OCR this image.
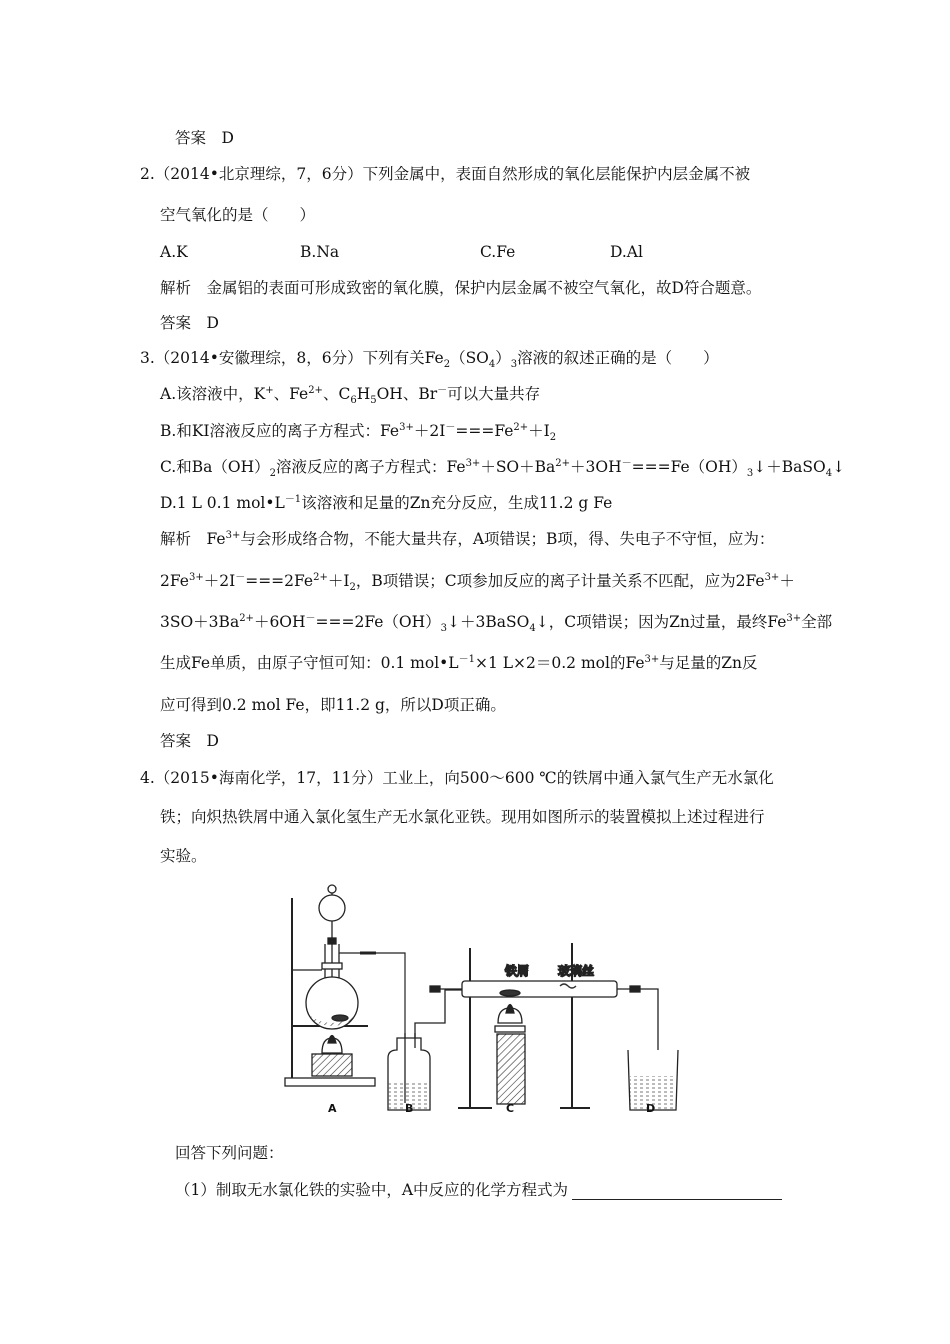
答案　D
2.（2014•北京理综，7，6分）下列金属中，表面自然形成的氧化层能保护内层金属不被
空气氧化的是（　　）
A.K	B.Na	C.Fe	D.Al
解析　金属铝的表面可形成致密的氧化膜，保护内层金属不被空气氧化，故D符合题意。
答案　D
3.（2014•安徽理综，8，6分）下列有关$Fe_2(SO_4)_3$溶液的叙述正确的是（　　）
A.该溶液中，K+、$Fe^{2+}$、$C_6H_5OH$、Br－可以大量共存
B.和KI溶液反应的离子方程式：$Fe^{3+}+2I^-===Fe^{2+}+I_2$
C.和$Ba(OH)_2$溶液反应的离子方程式：$Fe^{3+}+SO+Ba^{2+}+3OH^-===Fe(OH)_3↓+BaSO_4↓$
D.1 L 0.1 $mol•L^{-1}$该溶液和足量的Zn充分反应，生成11.2 g Fe
解析　$Fe^{3+}$与会形成络合物，不能大量共存，A项错误；B项，得、失电子不守恒，应为：
$2Fe^{3+}+2I^-===2Fe^{2+}+I_2$，B项错误；C项参加反应的离子计量关系不匹配，应为$2Fe^{3+}+$
$3SO+3Ba^{2+}+6OH^-===2Fe(OH)_3↓+3BaSO_4↓$，C项错误；因为Zn过量，最终$Fe^{3+}$全部
生成Fe单质，由原子守恒可知：0.1 $mol•L^{-1}\times 1$ L×2＝0.2 mol的$Fe^{3+}$与足量的Zn反
应可得到0.2 mol Fe，即11.2 g，所以D项正确。
答案　D
4.（2015•海南化学，17，11分）工业上，向500～600 ℃的铁屑中通入氯气生产无水氯化
铁；向炽热铁屑中通入氯化氢生产无水氯化亚铁。现用如图所示的装置模拟上述过程进行
实验。
铁屑 玻璃丝
A	B	C	D
回答下列问题：
（1）制取无水氯化铁的实验中，A中反应的化学方程式为
